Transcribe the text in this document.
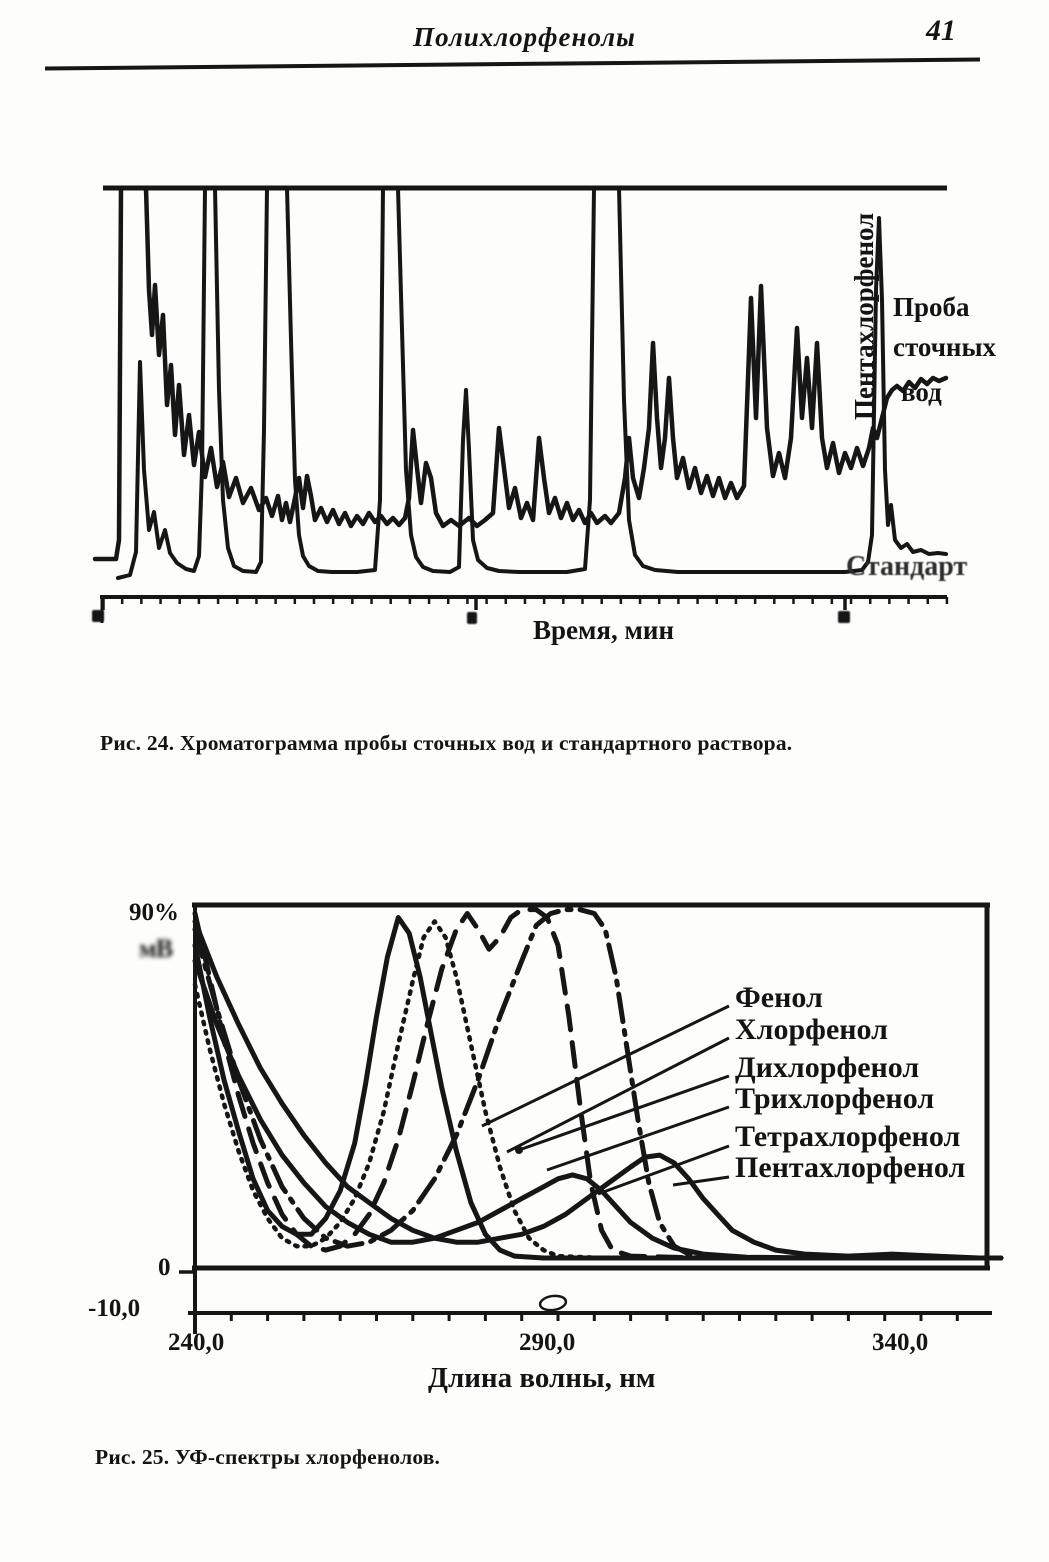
Полихлорфенолы	41
Пентахлорфенол Проба
сточных
вод
Стандарт
Время, мин
Рис. 24. Хроматограмма пробы сточных вод и стандартного раствора.
90%
мВ
0
-10,0
240,0	290,0	340,0
Длина волны, нм
Фенол
Хлорфенол
Дихлорфенол
Трихлорфенол
Тетрахлорфенол
Пентахлорфенол
Рис. 25. УФ-спектры хлорфенолов.
